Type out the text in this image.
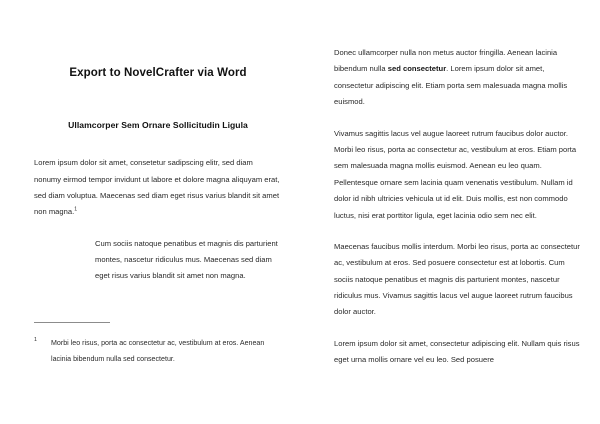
Export to NovelCrafter via Word
Ullamcorper Sem Ornare Sollicitudin Ligula

Lorem ipsum dolor sit amet, consetetur sadipscing elitr, sed diam nonumy eirmod tempor invidunt ut labore et dolore magna aliquyam erat, sed diam voluptua. Maecenas sed diam eget risus varius blandit sit amet non magna.$^1$

Cum sociis natoque penatibus et magnis dis parturient montes, nascetur ridiculus mus. Maecenas sed diam eget risus varius blandit sit amet non magna.
1	Morbi leo risus, porta ac consectetur ac, vestibulum at eros. Aenean lacinia bibendum nulla sed consectetur.

Donec ullamcorper nulla non metus auctor fringilla. Aenean lacinia bibendum nulla sed consectetur. Lorem ipsum dolor sit amet, consectetur adipiscing elit. Etiam porta sem malesuada magna mollis euismod.

Vivamus sagittis lacus vel augue laoreet rutrum faucibus dolor auctor. Morbi leo risus, porta ac consectetur ac, vestibulum at eros. Etiam porta sem malesuada magna mollis euismod. Aenean eu leo quam. Pellentesque ornare sem lacinia quam venenatis vestibulum. Nullam id dolor id nibh ultricies vehicula ut id elit. Duis mollis, est non commodo luctus, nisi erat porttitor ligula, eget lacinia odio sem nec elit.

Maecenas faucibus mollis interdum. Morbi leo risus, porta ac consectetur ac, vestibulum at eros. Sed posuere consectetur est at lobortis. Cum sociis natoque penatibus et magnis dis parturient montes, nascetur ridiculus mus. Vivamus sagittis lacus vel augue laoreet rutrum faucibus dolor auctor.

Lorem ipsum dolor sit amet, consectetur adipiscing elit. Nullam quis risus eget urna mollis ornare vel eu leo. Sed posuere
